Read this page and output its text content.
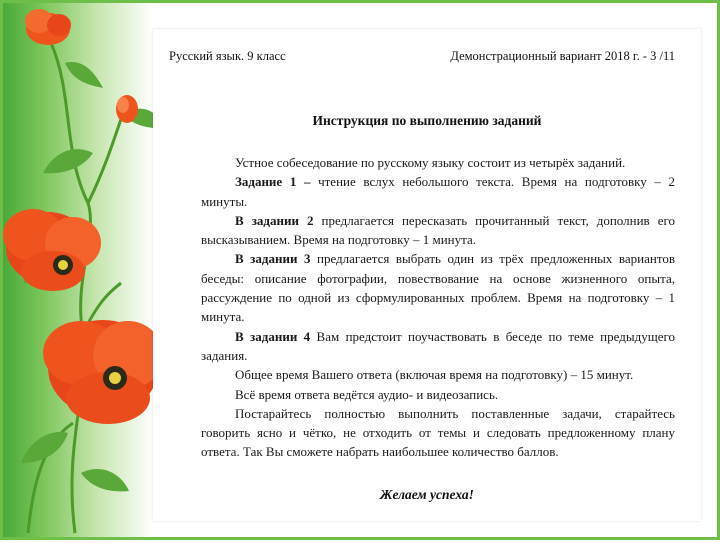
Русский язык. 9 класс	Демонстрационный вариант 2018 г. - 3 /11
Инструкция по выполнению заданий

Устное собеседование по русскому языку состоит из четырёх заданий.

Задание 1 – чтение вслух небольшого текста. Время на подготовку – 2 минуты.

В задании 2 предлагается пересказать прочитанный текст, дополнив его высказыванием. Время на подготовку – 1 минута.

В задании 3 предлагается выбрать один из трёх предложенных вариантов беседы: описание фотографии, повествование на основе жизненного опыта, рассуждение по одной из сформулированных проблем. Время на подготовку – 1 минута.

В задании 4 Вам предстоит поучаствовать в беседе по теме предыдущего задания.

Общее время Вашего ответа (включая время на подготовку) – 15 минут.

Всё время ответа ведётся аудио- и видеозапись.

Постарайтесь полностью выполнить поставленные задачи, старайтесь говорить ясно и чётко, не отходить от темы и следовать предложенному плану ответа. Так Вы сможете набрать наибольшее количество баллов.

Желаем успеха!
